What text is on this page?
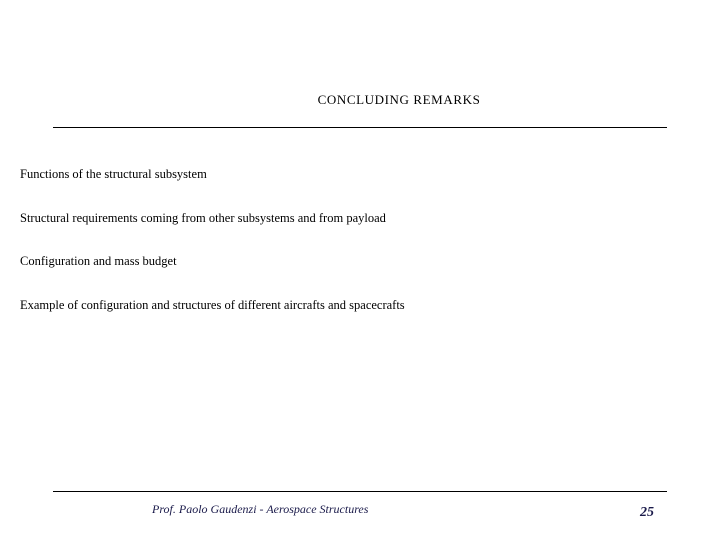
CONCLUDING REMARKS
Functions of the structural subsystem
Structural requirements coming from other subsystems and from payload
Configuration and mass budget
Example of configuration and structures of different aircrafts and spacecrafts
Prof. Paolo Gaudenzi - Aerospace Structures	25
